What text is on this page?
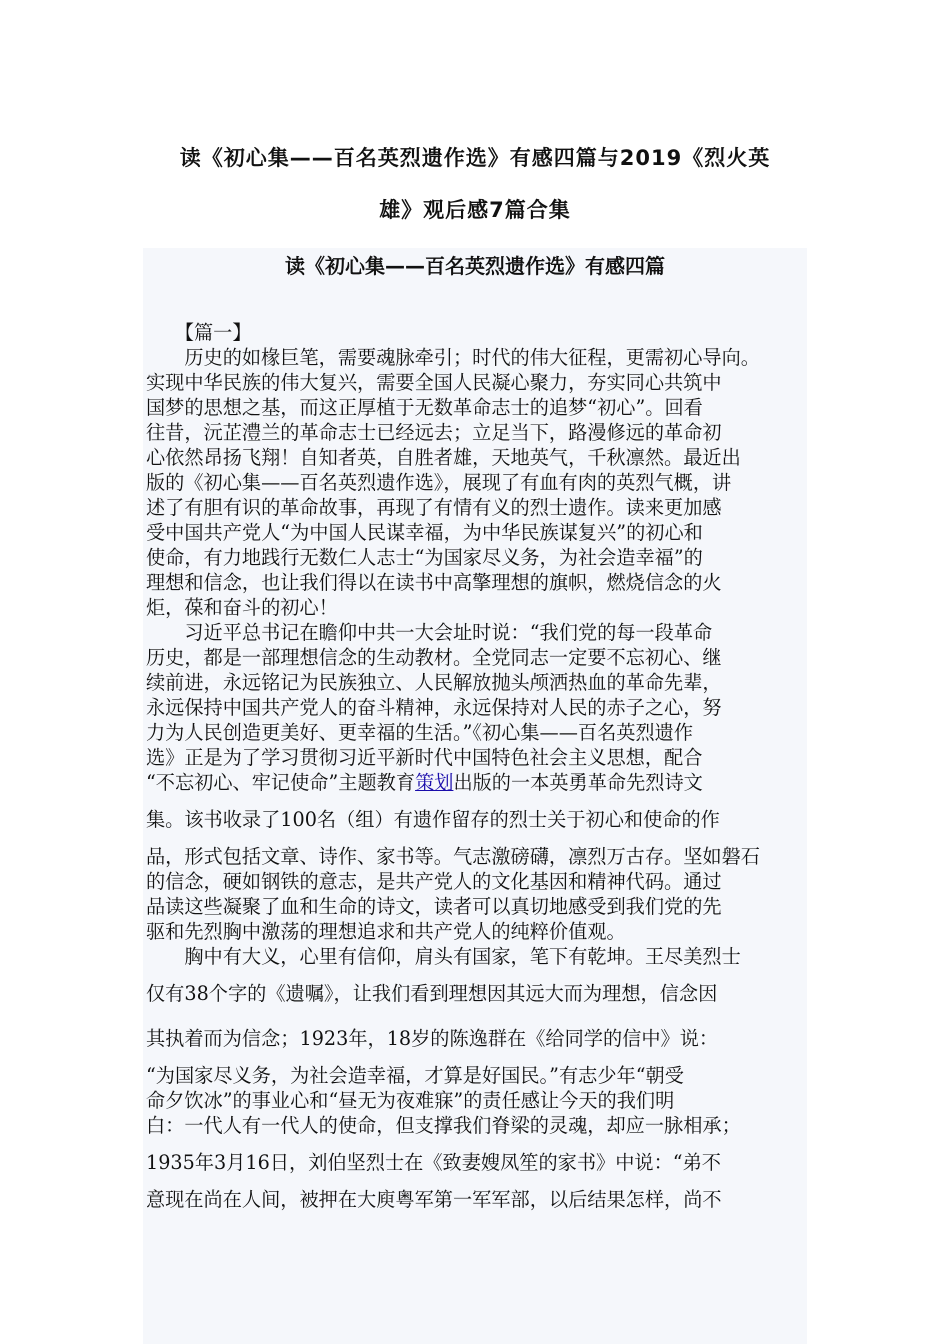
读《初心集——百名英烈遗作选》有感四篇与2019《烈火英
雄》观后感7篇合集
读《初心集——百名英烈遗作选》有感四篇
　　【篇一】
　　历史的如椽巨笔，需要魂脉牵引；时代的伟大征程，更需初心导向。
实现中华民族的伟大复兴，需要全国人民凝心聚力，夯实同心共筑中
国梦的思想之基，而这正厚植于无数革命志士的追梦“初心”。回看
往昔，沅芷澧兰的革命志士已经远去；立足当下，路漫修远的革命初
心依然昂扬飞翔！自知者英，自胜者雄，天地英气，千秋凛然。最近出
版的《初心集——百名英烈遗作选》，展现了有血有肉的英烈气概，讲
述了有胆有识的革命故事，再现了有情有义的烈士遗作。读来更加感
受中国共产党人“为中国人民谋幸福，为中华民族谋复兴”的初心和
使命，有力地践行无数仁人志士“为国家尽义务，为社会造幸福”的
理想和信念，也让我们得以在读书中高擎理想的旗帜，燃烧信念的火
炬，葆和奋斗的初心！
　　习近平总书记在瞻仰中共一大会址时说：“我们党的每一段革命
历史，都是一部理想信念的生动教材。全党同志一定要不忘初心、继
续前进，永远铭记为民族独立、人民解放抛头颅洒热血的革命先辈，
永远保持中国共产党人的奋斗精神，永远保持对人民的赤子之心，努
力为人民创造更美好、更幸福的生活。”《初心集——百名英烈遗作
选》正是为了学习贯彻习近平新时代中国特色社会主义思想，配合
“不忘初心、牢记使命”主题教育策划出版的一本英勇革命先烈诗文
集。该书收录了100名（组）有遗作留存的烈士关于初心和使命的作
品，形式包括文章、诗作、家书等。气志激磅礴，凛烈万古存。坚如磐石
的信念，硬如钢铁的意志，是共产党人的文化基因和精神代码。通过
品读这些凝聚了血和生命的诗文，读者可以真切地感受到我们党的先
驱和先烈胸中激荡的理想追求和共产党人的纯粹价值观。
　　胸中有大义，心里有信仰，肩头有国家，笔下有乾坤。王尽美烈士
仅有38个字的《遗嘱》，让我们看到理想因其远大而为理想，信念因
其执着而为信念；1923年，18岁的陈逸群在《给同学的信中》说：
“为国家尽义务，为社会造幸福，才算是好国民。”有志少年“朝受
命夕饮冰”的事业心和“昼无为夜难寐”的责任感让今天的我们明
白：一代人有一代人的使命，但支撑我们脊梁的灵魂，却应一脉相承；
1935年3月16日，刘伯坚烈士在《致妻嫂凤笙的家书》中说：“弟不
意现在尚在人间，被押在大庾粤军第一军军部，以后结果怎样，尚不
